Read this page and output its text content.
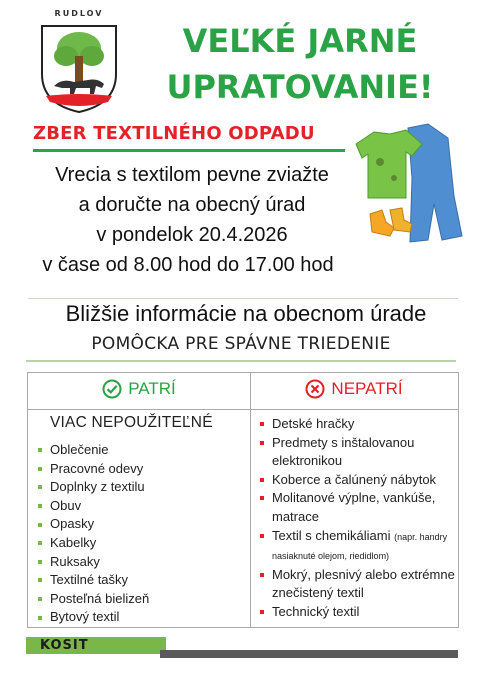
RUDLOV
VEĽKÉ JARNÉ
UPRATOVANIE!
ZBER TEXTILNÉHO ODPADU
Vrecia s textilom pevne zviažte
a doručte na obecný úrad
v pondelok 20.4.2026
v čase od 8.00 hod do 17.00 hod
Bližšie informácie na obecnom úrade
POMÔCKA PRE SPÁVNE TRIEDENIE
PATRÍ	NEPATRÍ
VIAC NEPOUŽITEĽNÉ
Oblečenie
Pracovné odevy
Doplnky z textilu
Obuv
Opasky
Kabelky
Ruksaky
Textilné tašky
Posteľná bielizeň
Bytový textil
Detské hračky
Predmety s inštalovanou elektronikou
Koberce a čalúnený nábytok
Molitanové výplne, vankúše, matrace
Textil s chemikáliami (napr. handry nasiaknuté olejom, riedidlom)
Mokrý, plesnivý alebo extrémne znečistený textil
Technický textil
KOSIT
